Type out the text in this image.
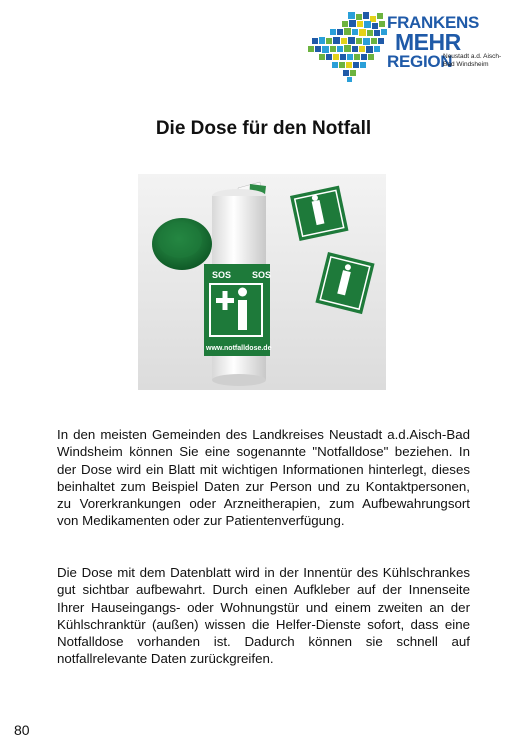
FRANKENS
MEHR
REGION
Neustadt a.d. Aisch-
Bad Windsheim
Die Dose für den Notfall
SOS SOS
www.notfalldose.de

In den meisten Gemeinden des Landkreises Neustadt a.d.Aisch-Bad Windsheim können Sie eine sogenannte "Notfalldose" beziehen. In der Dose wird ein Blatt mit wichtigen Informationen hinterlegt, dieses beinhaltet zum Beispiel Daten zur Person und zu Kontaktpersonen, zu Vorerkrankungen oder Arzneitherapien, zum Aufbewahrungsort von Medikamenten oder zur Patientenverfügung.

Die Dose mit dem Datenblatt wird in der Innentür des Kühlschrankes gut sichtbar aufbewahrt. Durch einen Aufkleber auf der Innenseite Ihrer Hauseingangs- oder Wohnungstür und einem zweiten an der Kühlschranktür (außen) wissen die Helfer-Dienste sofort, dass eine Notfalldose vorhanden ist. Dadurch können sie schnell auf notfallrelevante Daten zurückgreifen.

80
